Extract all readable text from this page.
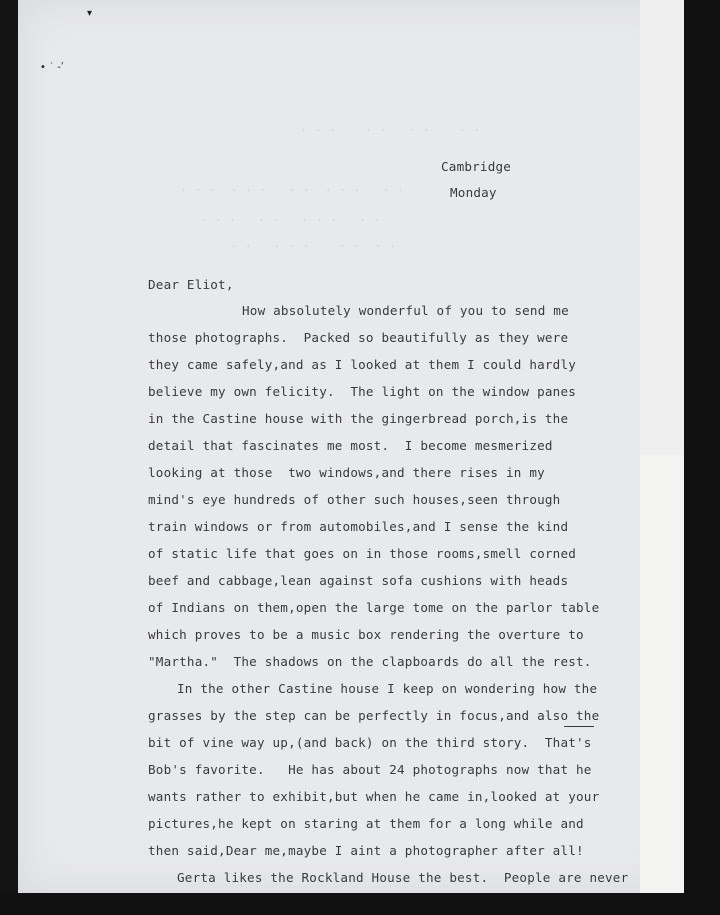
. . .    . .   . .    . .
. . .  . . .   . .  . . .   . .
. . .   . .   . . .   . .
. .   . . .    . .  . .
▾
• ˙ ‐ʹ
Cambridge
Monday
Dear Eliot,
How absolutely wonderful of you to send me
those photographs.  Packed so beautifully as they were
they came safely,and as I looked at them I could hardly
believe my own felicity.  The light on the window panes
in the Castine house with the gingerbread porch,is the
detail that fascinates me most.  I become mesmerized
looking at those  two windows,and there rises in my
mind's eye hundreds of other such houses,seen through
train windows or from automobiles,and I sense the kind
of static life that goes on in those rooms,smell corned
beef and cabbage,lean against sofa cushions with heads
of Indians on them,open the large tome on the parlor table
which proves to be a music box rendering the overture to
"Martha."  The shadows on the clapboards do all the rest.
In the other Castine house I keep on wondering how the
grasses by the step can be perfectly in focus,and also the
bit of vine way up,(and back) on the third story.  That's
Bob's favorite.   He has about 24 photographs now that he
wants rather to exhibit,but when he came in,looked at your
pictures,he kept on staring at them for a long while and
then said,Dear me,maybe I aint a photographer after all!
Gerta likes the Rockland House the best.  People are never
